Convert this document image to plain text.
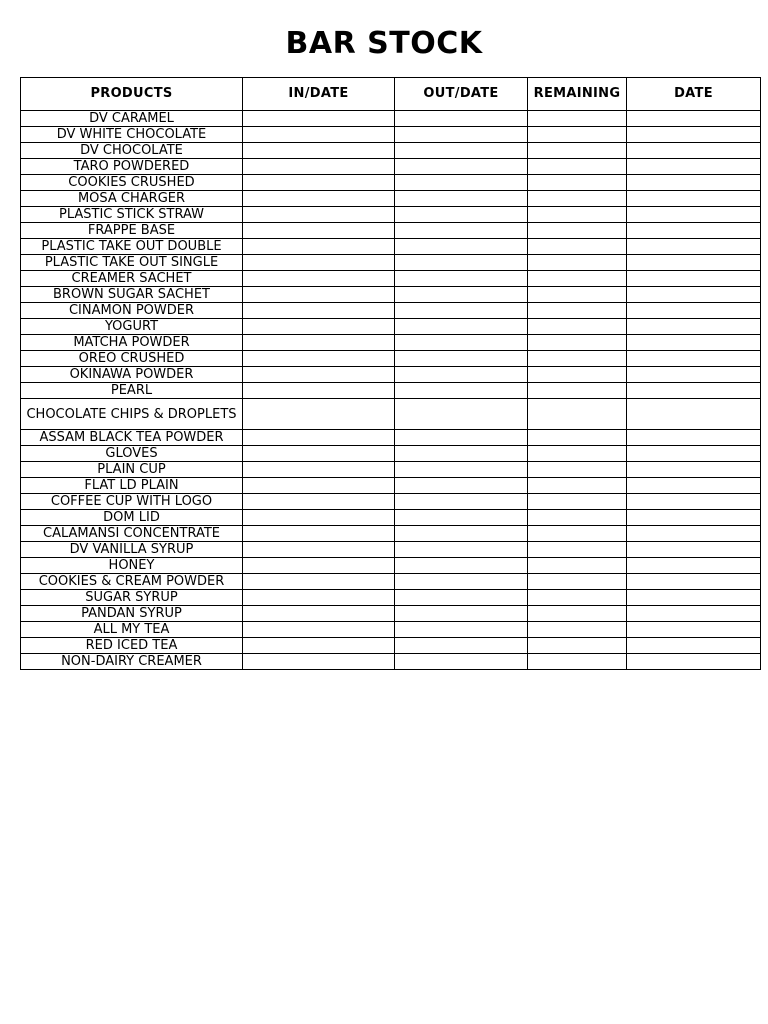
BAR STOCK
PRODUCTS	IN/DATE	OUT/DATE	REMAINING	DATE
DV CARAMEL				
DV WHITE CHOCOLATE				
DV CHOCOLATE				
TARO POWDERED				
COOKIES CRUSHED				
MOSA CHARGER				
PLASTIC STICK STRAW				
FRAPPE BASE				
PLASTIC TAKE OUT DOUBLE				
PLASTIC TAKE OUT SINGLE				
CREAMER SACHET				
BROWN SUGAR SACHET				
CINAMON POWDER				
YOGURT				
MATCHA POWDER				
OREO CRUSHED				
OKINAWA POWDER				
PEARL				
CHOCOLATE CHIPS & DROPLETS				
ASSAM BLACK TEA POWDER				
GLOVES				
PLAIN CUP				
FLAT LD PLAIN				
COFFEE CUP WITH LOGO				
DOM LID				
CALAMANSI CONCENTRATE				
DV VANILLA SYRUP				
HONEY				
COOKIES & CREAM POWDER				
SUGAR SYRUP				
PANDAN SYRUP				
ALL MY TEA				
RED ICED TEA				
NON-DAIRY CREAMER				
